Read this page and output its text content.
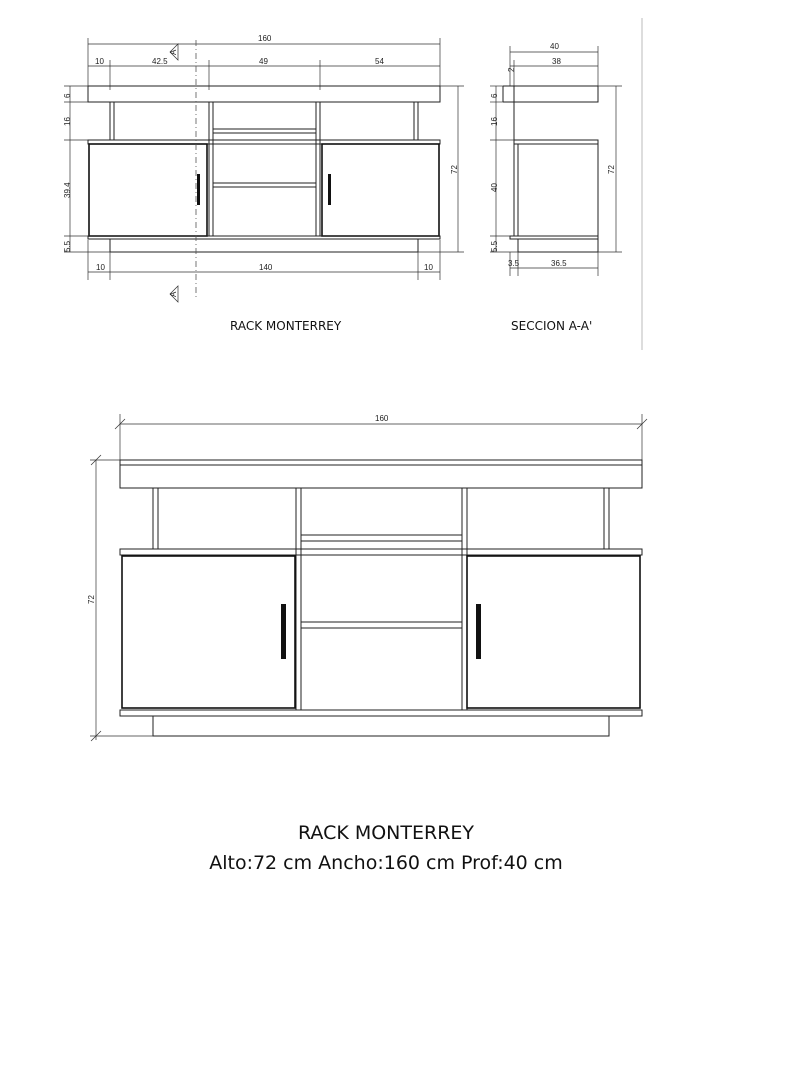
160
10	42.5	49	54
6
16
39.4
5.5
72
10	140	10
A
A
RACK MONTERREY
40
38
2
6
16
40
5.5
72
3.5	36.5
SECCION A-A'
160
72
RACK MONTERREY
Alto:72 cm Ancho:160 cm Prof:40 cm
